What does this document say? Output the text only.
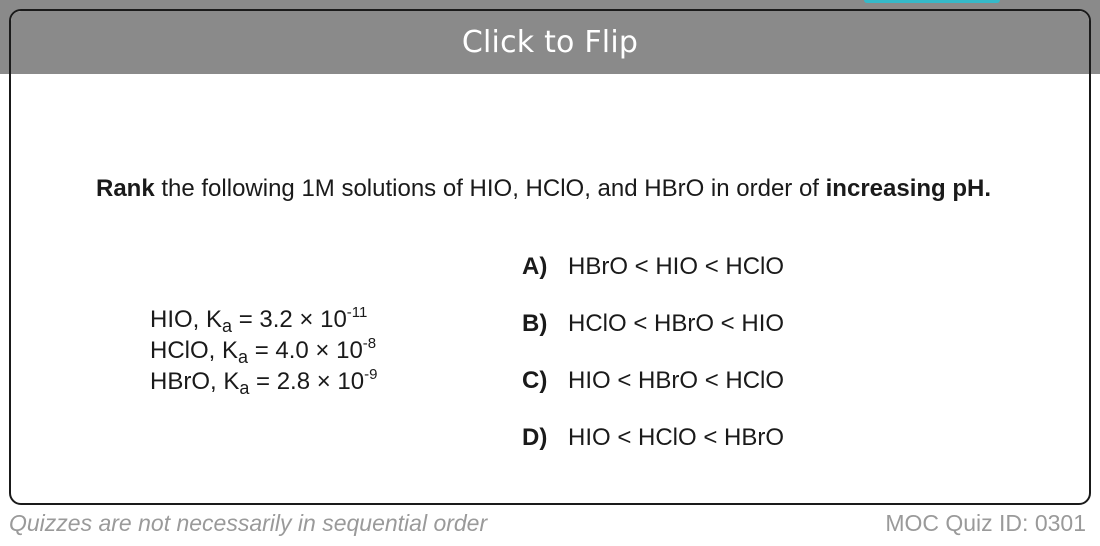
Click to Flip
Rank the following 1M solutions of HIO, HClO, and HBrO in order of increasing pH.
HIO, $K_a = 3.2 \times 10^{-11}$
HClO, $K_a = 4.0 \times 10^{-8}$
HBrO, $K_a = 2.8 \times 10^{-9}$
A) HBrO < HIO < HClO
B) HClO < HBrO < HIO
C) HIO < HBrO < HClO
D) HIO < HClO < HBrO
Quizzes are not necessarily in sequential order	MOC Quiz ID: 0301
